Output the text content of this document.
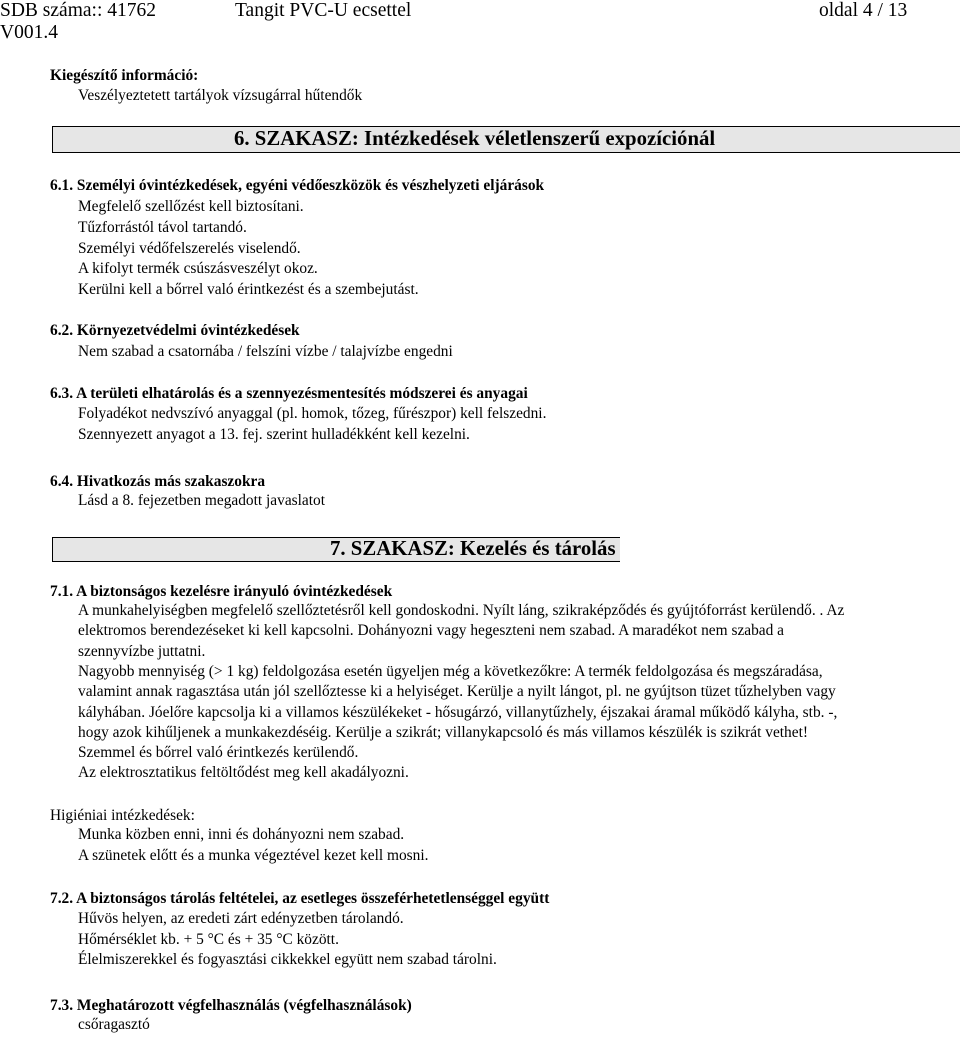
SDB száma:: 41762
V001.4
Tangit PVC-U ecsettel	oldal 4 / 13
Kiegészítő információ:
Veszélyeztetett tartályok vízsugárral hűtendők
6. SZAKASZ: Intézkedések véletlenszerű expozíciónál
6.1. Személyi óvintézkedések, egyéni védőeszközök és vészhelyzeti eljárások
Megfelelő szellőzést kell biztosítani.
Tűzforrástól távol tartandó.
Személyi védőfelszerelés viselendő.
A kifolyt termék csúszásveszélyt okoz.
Kerülni kell a bőrrel való érintkezést és a szembejutást.
6.2. Környezetvédelmi óvintézkedések
Nem szabad a csatornába / felszíni vízbe / talajvízbe engedni
6.3. A területi elhatárolás és a szennyezésmentesítés módszerei és anyagai
Folyadékot nedvszívó anyaggal (pl. homok, tőzeg, fűrészpor) kell felszedni.
Szennyezett anyagot a 13. fej. szerint hulladékként kell kezelni.
6.4. Hivatkozás más szakaszokra
Lásd a 8. fejezetben megadott javaslatot
7. SZAKASZ: Kezelés és tárolás
7.1. A biztonságos kezelésre irányuló óvintézkedések
A munkahelyiségben megfelelő szellőztetésről kell gondoskodni. Nyílt láng, szikraképződés és gyújtóforrást kerülendő. . Az
elektromos berendezéseket ki kell kapcsolni. Dohányozni vagy hegeszteni nem szabad. A maradékot nem szabad a
szennyvízbe juttatni.
Nagyobb mennyiség (> 1 kg) feldolgozása esetén ügyeljen még a következőkre: A termék feldolgozása és megszáradása,
valamint annak ragasztása után jól szellőztesse ki a helyiséget. Kerülje a nyilt lángot, pl. ne gyújtson tüzet tűzhelyben vagy
kályhában. Jóelőre kapcsolja ki a villamos készülékeket - hősugárzó, villanytűzhely, éjszakai áramal működő kályha, stb. -,
hogy azok kihűljenek a munkakezdéséig. Kerülje a szikrát; villanykapcsoló és más villamos készülék is szikrát vethet!
Szemmel és bőrrel való érintkezés kerülendő.
Az elektrosztatikus feltöltődést meg kell akadályozni.
Higiéniai intézkedések:
Munka közben enni, inni és dohányozni nem szabad.
A szünetek előtt és a munka végeztével kezet kell mosni.
7.2. A biztonságos tárolás feltételei, az esetleges összeférhetetlenséggel együtt
Hűvös helyen, az eredeti zárt edényzetben tárolandó.
Hőmérséklet kb. + 5 °C és + 35 °C között.
Élelmiszerekkel és fogyasztási cikkekkel együtt nem szabad tárolni.
7.3. Meghatározott végfelhasználás (végfelhasználások)
csőragasztó
